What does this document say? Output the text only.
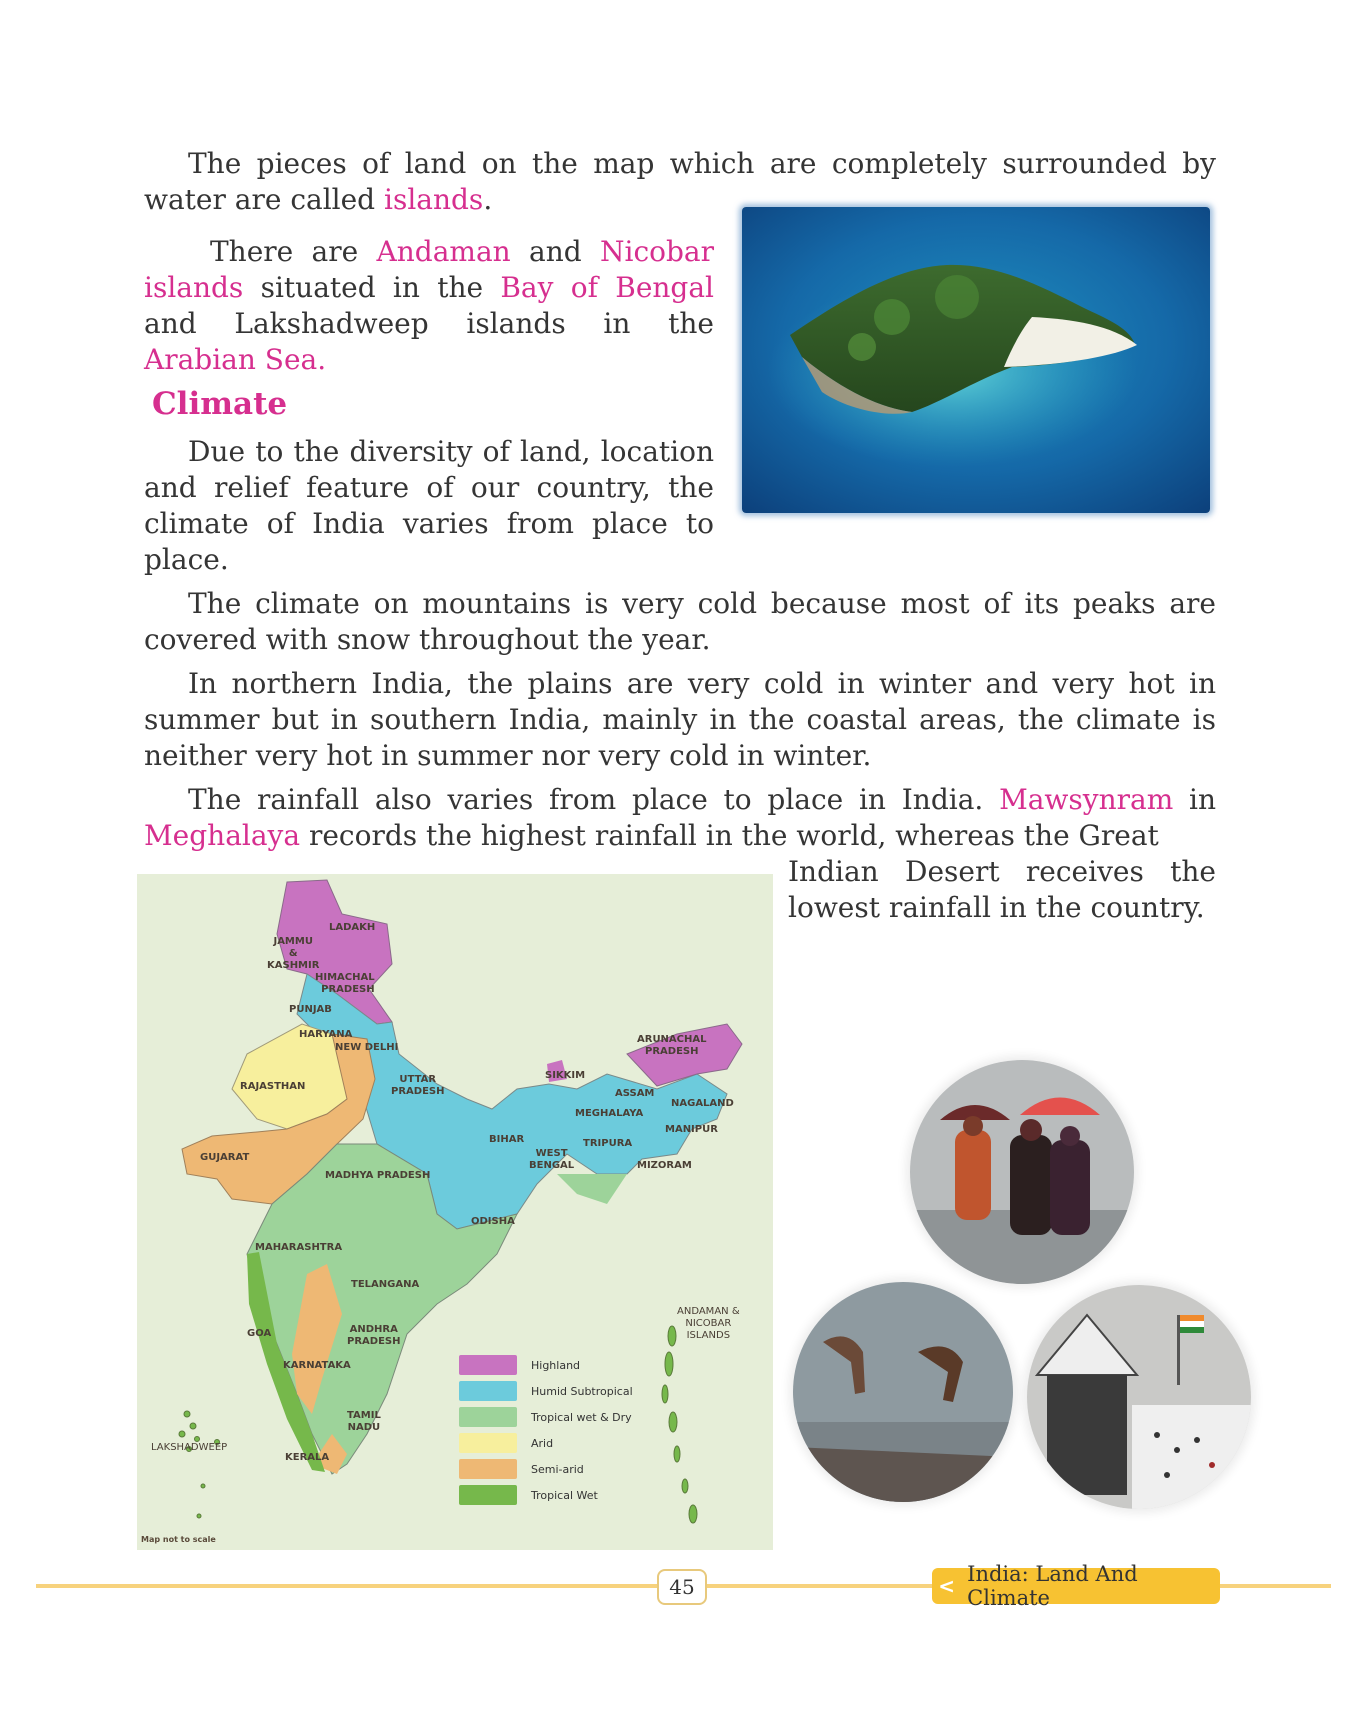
The pieces of land on the map which are completely surrounded by water are called islands.

There are Andaman and Nicobar islands situated in the Bay of Bengal and Lakshadweep islands in the Arabian Sea.

Climate

Due to the diversity of land, location and relief feature of our country, the climate of India varies from place to place.

The climate on mountains is very cold because most of its peaks are covered with snow throughout the year.

In northern India, the plains are very cold in winter and very hot in summer but in southern India, mainly in the coastal areas, the climate is neither very hot in summer nor very cold in winter.

The rainfall also varies from place to place in India. Mawsynram in Meghalaya records the highest rainfall in the world, whereas the Great

Indian Desert receives the lowest rainfall in the country.

LADAKH
JAMMU
&
KASHMIR
HIMACHAL
PRADESH
PUNJAB
HARYANA
NEW DELHI
RAJASTHAN
UTTAR
PRADESH
GUJARAT
MADHYA PRADESH
BIHAR
WEST
BENGAL
SIKKIM
ARUNACHAL
PRADESH
ASSAM
NAGALAND
MEGHALAYA
MANIPUR
TRIPURA
MIZORAM
ODISHA
MAHARASHTRA
TELANGANA
GOA	ANDHRA
PRADESH
KARNATAKA
TAMIL
NADU
KERALA
LAKSHADWEEP
ANDAMAN &
NICOBAR
ISLANDS
Highland
Humid Subtropical
Tropical wet & Dry
Arid
Semi-arid
Tropical Wet
Map not to scale
45	< India: Land And Climate
